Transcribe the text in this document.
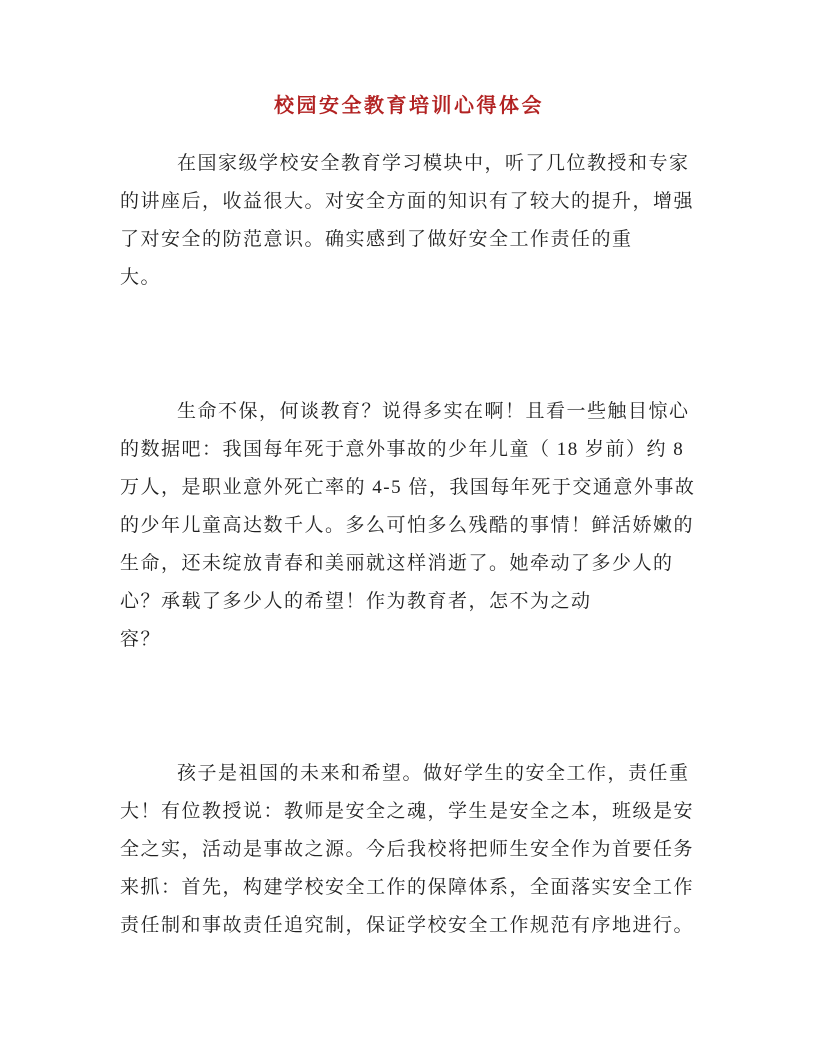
校园安全教育培训心得体会
在国家级学校安全教育学习模块中，听了几位教授和专家
的讲座后，收益很大。对安全方面的知识有了较大的提升，增强
了对安全的防范意识。确实感到了做好安全工作责任的重
大。
生命不保，何谈教育？说得多实在啊！且看一些触目惊心
的数据吧：我国每年死于意外事故的少年儿童（ 18 岁前）约 8
万人，是职业意外死亡率的 4-5 倍，我国每年死于交通意外事故
的少年儿童高达数千人。多么可怕多么残酷的事情！鲜活娇嫩的
生命，还未绽放青春和美丽就这样消逝了。她牵动了多少人的
心？承载了多少人的希望！作为教育者，怎不为之动
容？
孩子是祖国的未来和希望。做好学生的安全工作，责任重
大！有位教授说：教师是安全之魂，学生是安全之本，班级是安
全之实，活动是事故之源。今后我校将把师生安全作为首要任务
来抓：首先，构建学校安全工作的保障体系，全面落实安全工作
责任制和事故责任追究制，保证学校安全工作规范有序地进行。
